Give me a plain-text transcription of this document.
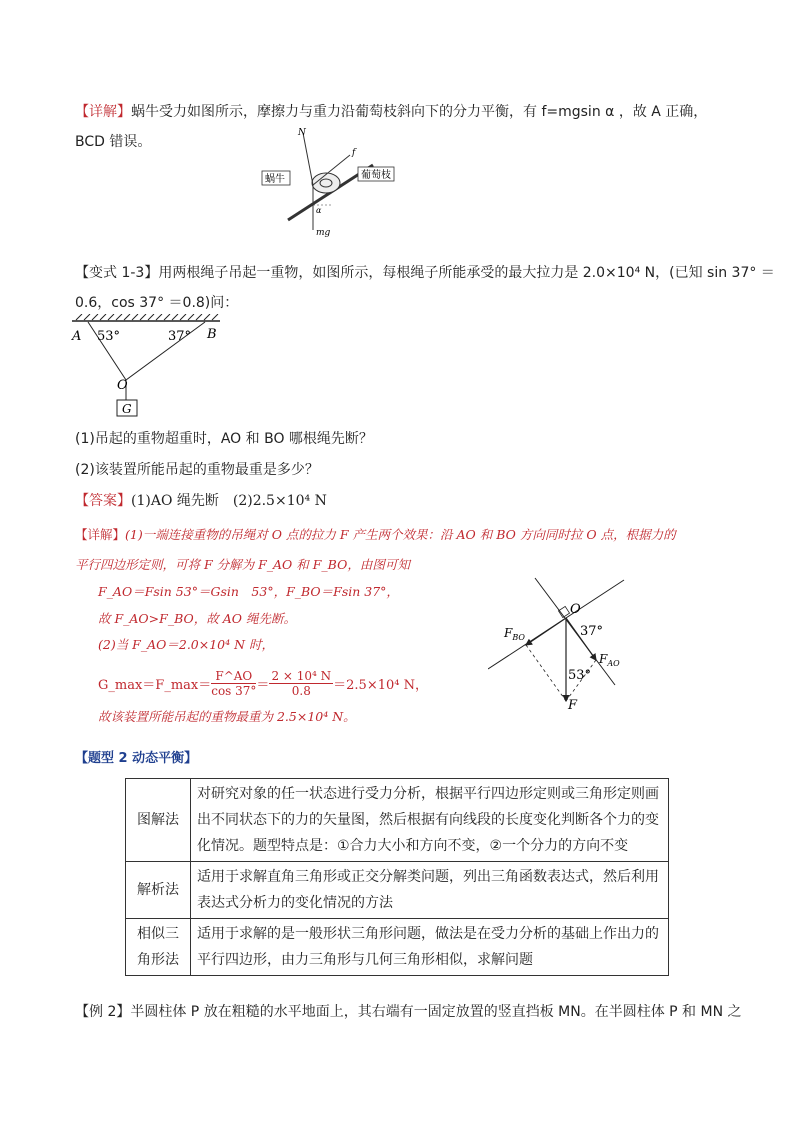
【详解】蜗牛受力如图所示，摩擦力与重力沿葡萄枝斜向下的分力平衡，有 f=mgsin α ，故 A 正确，
BCD 错误。
蜗牛	葡萄枝
N
f
mg
α
【变式 1-3】用两根绳子吊起一重物，如图所示，每根绳子所能承受的最大拉力是 2.0×10⁴ N，(已知 sin 37° ＝
0.6，cos 37° ＝0.8)问：
A	B
O
G
53°	37°
(1)吊起的重物超重时，AO 和 BO 哪根绳先断？
(2)该装置所能吊起的重物最重是多少？
【答案】(1)AO 绳先断　(2)2.5×10⁴ N
【详解】(1)一端连接重物的吊绳对 O 点的拉力 F 产生两个效果：沿 AO 和 BO 方向同时拉 O 点，根据力的
平行四边形定则，可将 F 分解为 F_AO 和 F_BO，由图可知
F_AO＝Fsin 53°＝Gsin　53°，F_BO＝Fsin 37°，
故 F_AO>F_BO，故 AO 绳先断。
(2)当 F_AO＝2.0×10⁴ N 时，
G_max＝F_max＝ $\frac{F\^{}AO}{\cos 37^\circ} = \frac{\text{2 × 10⁴ N}}{0.8} =2.5\times 10^4$ N，
故该装置所能吊起的重物最重为 2.5×10⁴ N。
O
37°
53°
F
$F_{BO}$
$F_{AO}$
【题型 2 动态平衡】
图解法	对研究对象的任一状态进行受力分析，根据平行四边形定则或三角形定则画出不同状态下的力的矢量图，然后根据有向线段的长度变化判断各个力的变化情况。题型特点是：①合力大小和方向不变，②一个分力的方向不变
解析法	适用于求解直角三角形或正交分解类问题，列出三角函数表达式，然后利用表达式分析力的变化情况的方法
相似三角形法	适用于求解的是一般形状三角形问题，做法是在受力分析的基础上作出力的平行四边形，由力三角形与几何三角形相似，求解问题
【例 2】半圆柱体 P 放在粗糙的水平地面上，其右端有一固定放置的竖直挡板 MN。在半圆柱体 P 和 MN 之
